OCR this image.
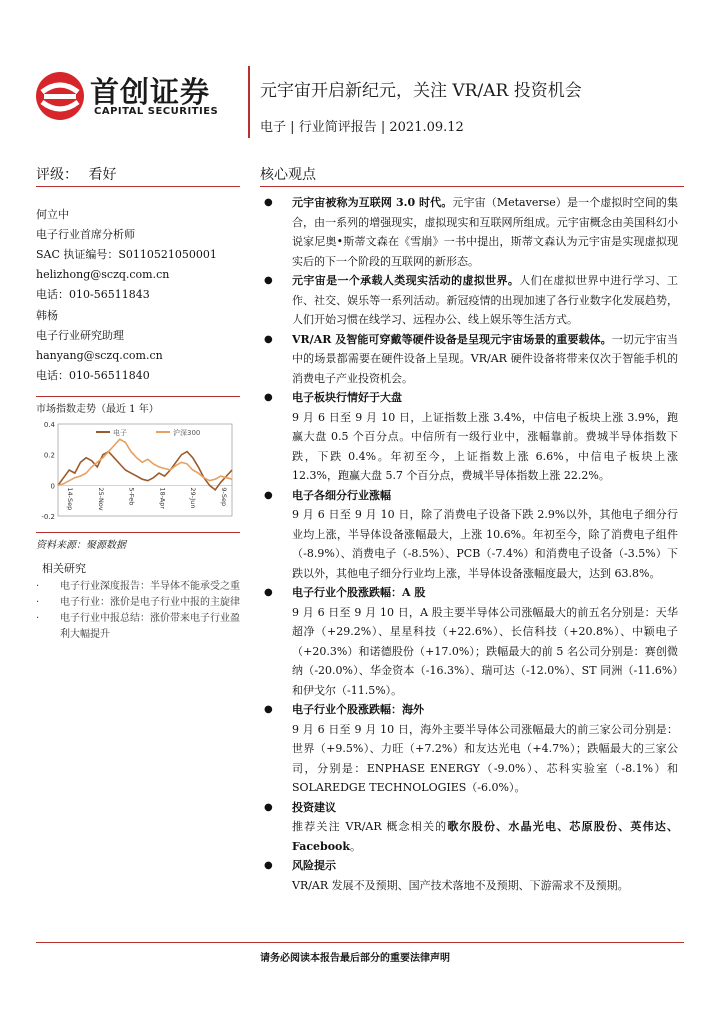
首创证券
CAPITAL SECURITIES
元宇宙开启新纪元，关注 VR/AR 投资机会
电子 | 行业简评报告 | 2021.09.12
评级： 看好	核心观点
何立中
电子行业首席分析师
SAC 执证编号：S0110521050001
helizhong@sczq.com.cn
电话：010-56511843
韩杨
电子行业研究助理
hanyang@sczq.com.cn
电话：010-56511840
市场指数走势（最近 1 年）
0.4
0.2
0
-0.2
14-Sep	25-Nov	5-Feb	18-Apr	29-Jun	9-Sep
电子	沪深300
资料来源：聚源数据
相关研究
· 电子行业深度报告：半导体不能承受之重
· 电子行业：涨价是电子行业中报的主旋律
· 电子行业中报总结：涨价带来电子行业盈利大幅提升
● 元宇宙被称为互联网 3.0 时代。元宇宙（Metaverse）是一个虚拟时空间的集合，由一系列的增强现实，虚拟现实和互联网所组成。元宇宙概念由美国科幻小说家尼奥•斯蒂文森在《雪崩》一书中提出，斯蒂文森认为元宇宙是实现虚拟现实后的下一个阶段的互联网的新形态。
● 元宇宙是一个承载人类现实活动的虚拟世界。人们在虚拟世界中进行学习、工作、社交、娱乐等一系列活动。新冠疫情的出现加速了各行业数字化发展趋势，人们开始习惯在线学习、远程办公、线上娱乐等生活方式。
● VR/AR 及智能可穿戴等硬件设备是呈现元宇宙场景的重要载体。一切元宇宙当中的场景都需要在硬件设备上呈现。VR/AR 硬件设备将带来仅次于智能手机的消费电子产业投资机会。
● 电子板块行情好于大盘
9 月 6 日至 9 月 10 日，上证指数上涨 3.4%，中信电子板块上涨 3.9%，跑赢大盘 0.5 个百分点。中信所有一级行业中，涨幅靠前。费城半导体指数下跌，下跌 0.4%。年初至今，上证指数上涨 6.6%，中信电子板块上涨 12.3%，跑赢大盘 5.7 个百分点，费城半导体指数上涨 22.2%。
● 电子各细分行业涨幅
9 月 6 日至 9 月 10 日，除了消费电子设备下跌 2.9%以外，其他电子细分行业均上涨，半导体设备涨幅最大，上涨 10.6%。年初至今，除了消费电子组件（-8.9%）、消费电子（-8.5%）、PCB（-7.4%）和消费电子设备（-3.5%）下跌以外，其他电子细分行业均上涨，半导体设备涨幅度最大，达到 63.8%。
● 电子行业个股涨跌幅：A 股
9 月 6 日至 9 月 10 日，A 股主要半导体公司涨幅最大的前五名分别是：天华超净（+29.2%）、星星科技（+22.6%）、长信科技（+20.8%）、中颖电子（+20.3%）和诺德股份（+17.0%）；跌幅最大的前 5 名公司分别是：赛创微纳（-20.0%）、华金资本（-16.3%）、瑞可达（-12.0%）、ST 同洲（-11.6%）和伊戈尔（-11.5%）。
● 电子行业个股涨跌幅：海外
9 月 6 日至 9 月 10 日，海外主要半导体公司涨幅最大的前三家公司分别是：世界（+9.5%）、力旺（+7.2%）和友达光电（+4.7%）；跌幅最大的三家公司，分别是：ENPHASE ENERGY（-9.0%）、芯科实验室（-8.1%）和 SOLAREDGE TECHNOLOGIES（-6.0%）。
● 投资建议
推荐关注 VR/AR 概念相关的歌尔股份、水晶光电、芯原股份、英伟达、Facebook。
● 风险提示
VR/AR 发展不及预期、国产技术落地不及预期、下游需求不及预期。
请务必阅读本报告最后部分的重要法律声明
